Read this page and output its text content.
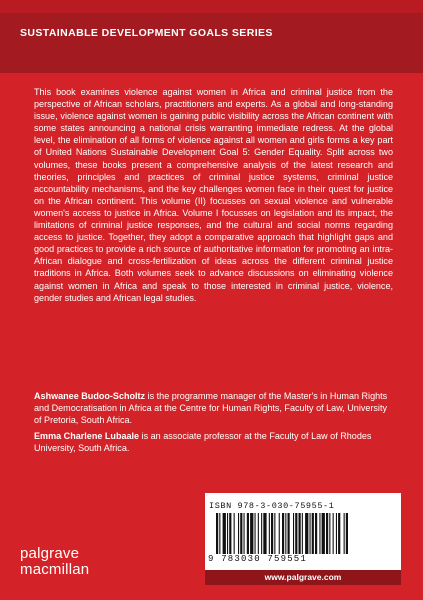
SUSTAINABLE DEVELOPMENT GOALS SERIES

This book examines violence against women in Africa and criminal justice from the perspective of African scholars, practitioners and experts. As a global and long-standing issue, violence against women is gaining public visibility across the African continent with some states announcing a national crisis warranting immediate redress. At the global level, the elimination of all forms of violence against all women and girls forms a key part of United Nations Sustainable Development Goal 5: Gender Equality. Split across two volumes, these books present a comprehensive analysis of the latest research and theories, principles and practices of criminal justice systems, criminal justice accountability mechanisms, and the key challenges women face in their quest for justice on the African continent. This volume (II) focusses on sexual violence and vulnerable women's access to justice in Africa. Volume I focusses on legislation and its impact, the limitations of criminal justice responses, and the cultural and social norms regarding access to justice. Together, they adopt a comparative approach that highlight gaps and good practices to provide a rich source of authoritative information for promoting an intra-African dialogue and cross-fertilization of ideas across the different criminal justice traditions in Africa. Both volumes seek to advance discussions on eliminating violence against women in Africa and speak to those interested in criminal justice, violence, gender studies and African legal studies.

Ashwanee Budoo-Scholtz is the programme manager of the Master's in Human Rights and Democratisation in Africa at the Centre for Human Rights, Faculty of Law, University of Pretoria, South Africa.

Emma Charlene Lubaale is an associate professor at the Faculty of Law of Rhodes University, South Africa.

ISBN 978-3-030-75955-1
9 783030 759551
www.palgrave.com
palgrave
macmillan
